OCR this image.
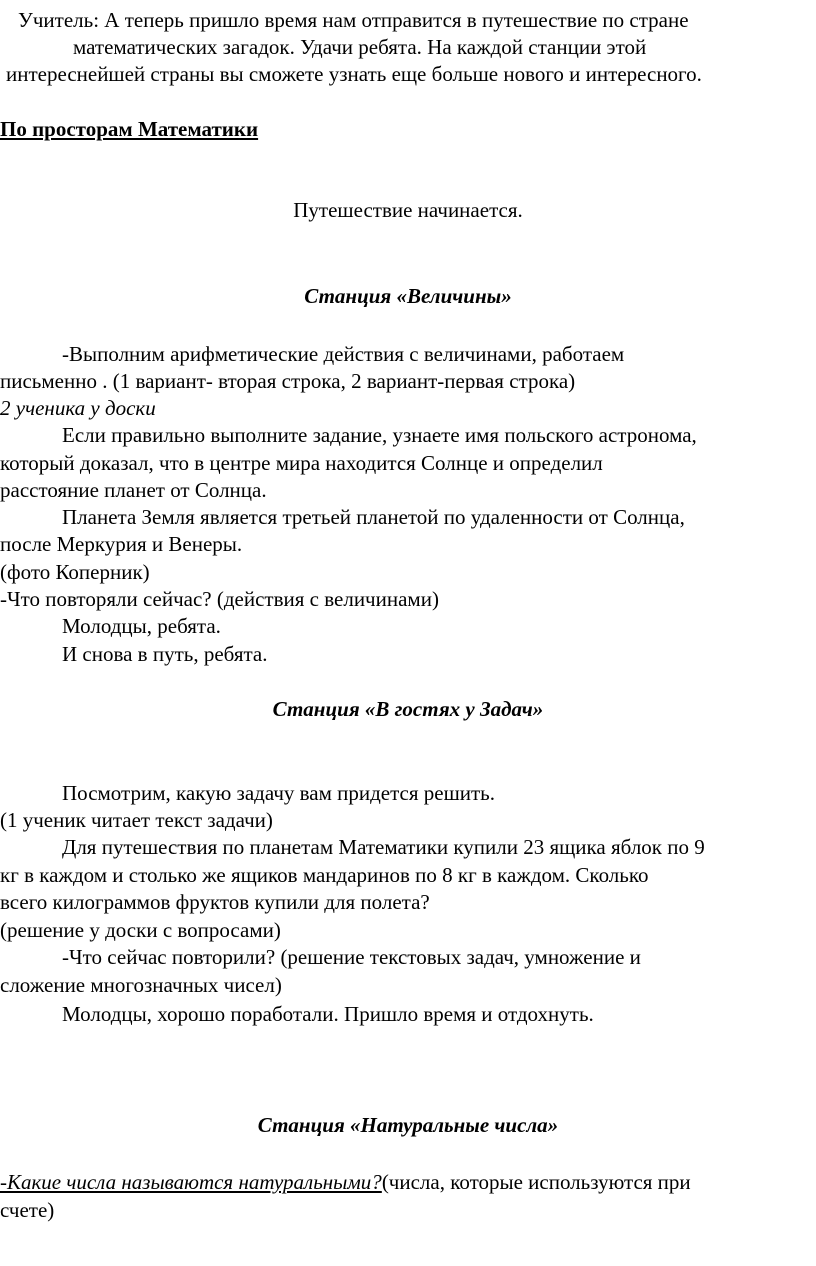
Учитель: А теперь пришло время нам отправится в путешествие по стране
математических загадок. Удачи ребята. На каждой станции этой
интереснейшей страны вы сможете узнать еще больше нового и интересного.
По просторам Математики
Путешествие начинается.
Станция «Величины»
-Выполним арифметические действия с величинами, работаем
письменно . (1 вариант- вторая строка, 2 вариант-первая строка)
2 ученика у доски
Если правильно выполните задание, узнаете имя польского астронома,
который доказал, что в центре мира находится Солнце и определил
расстояние планет от Солнца.
Планета Земля является третьей планетой по удаленности от Солнца,
после Меркурия и Венеры.
(фото Коперник)
-Что повторяли сейчас? (действия с величинами)
Молодцы, ребята.
И снова в путь, ребята.
Станция «В гостях у Задач»
Посмотрим, какую задачу вам придется решить.
(1 ученик читает текст задачи)
Для путешествия по планетам Математики купили 23 ящика яблок по 9
кг в каждом и столько же ящиков мандаринов по 8 кг в каждом. Сколько
всего килограммов фруктов купили для полета?
(решение у доски с вопросами)
-Что сейчас повторили? (решение текстовых задач, умножение и
сложение многозначных чисел)
Молодцы, хорошо поработали. Пришло время и отдохнуть.
Станция «Натуральные числа»
-Какие числа называются натуральными?(числа, которые используются при
счете)
